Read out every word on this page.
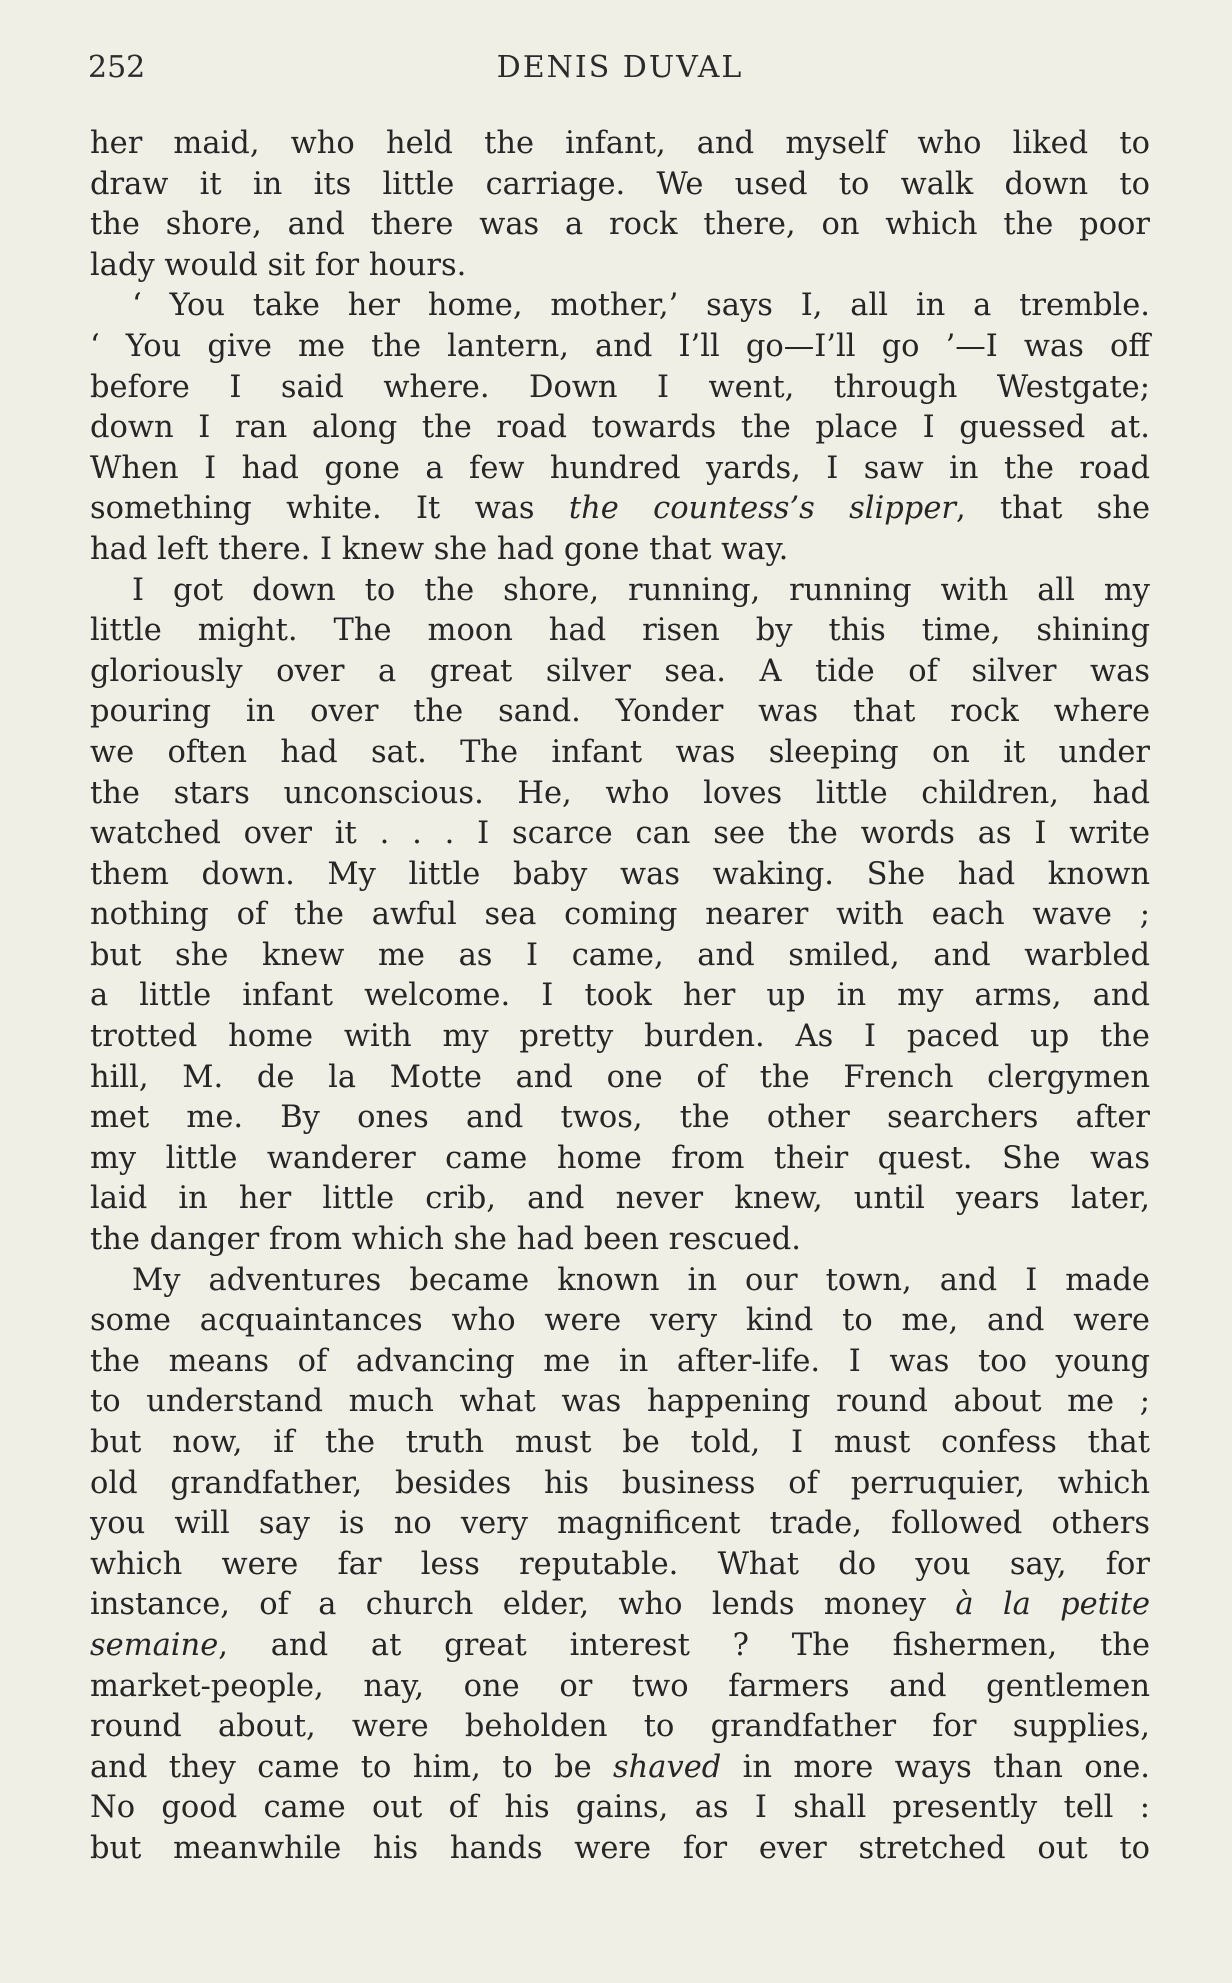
252	DENIS DUVAL
her maid, who held the infant, and myself who liked to
draw it in its little carriage. We used to walk down to
the shore, and there was a rock there, on which the poor
lady would sit for hours.
‘ You take her home, mother,’ says I, all in a tremble.
‘ You give me the lantern, and I’ll go—I’ll go ’—I was off
before I said where. Down I went, through Westgate;
down I ran along the road towards the place I guessed at.
When I had gone a few hundred yards, I saw in the road
something white. It was the countess’s slipper, that she
had left there. I knew she had gone that way.
I got down to the shore, running, running with all my
little might. The moon had risen by this time, shining
gloriously over a great silver sea. A tide of silver was
pouring in over the sand. Yonder was that rock where
we often had sat. The infant was sleeping on it under
the stars unconscious. He, who loves little children, had
watched over it . . . I scarce can see the words as I write
them down. My little baby was waking. She had known
nothing of the awful sea coming nearer with each wave ;
but she knew me as I came, and smiled, and warbled
a little infant welcome. I took her up in my arms, and
trotted home with my pretty burden. As I paced up the
hill, M. de la Motte and one of the French clergymen
met me. By ones and twos, the other searchers after
my little wanderer came home from their quest. She was
laid in her little crib, and never knew, until years later,
the danger from which she had been rescued.
My adventures became known in our town, and I made
some acquaintances who were very kind to me, and were
the means of advancing me in after-life. I was too young
to understand much what was happening round about me ;
but now, if the truth must be told, I must confess that
old grandfather, besides his business of perruquier, which
you will say is no very magnificent trade, followed others
which were far less reputable. What do you say, for
instance, of a church elder, who lends money à la petite
semaine, and at great interest ? The fishermen, the
market-people, nay, one or two farmers and gentlemen
round about, were beholden to grandfather for supplies,
and they came to him, to be shaved in more ways than one.
No good came out of his gains, as I shall presently tell :
but meanwhile his hands were for ever stretched out to
